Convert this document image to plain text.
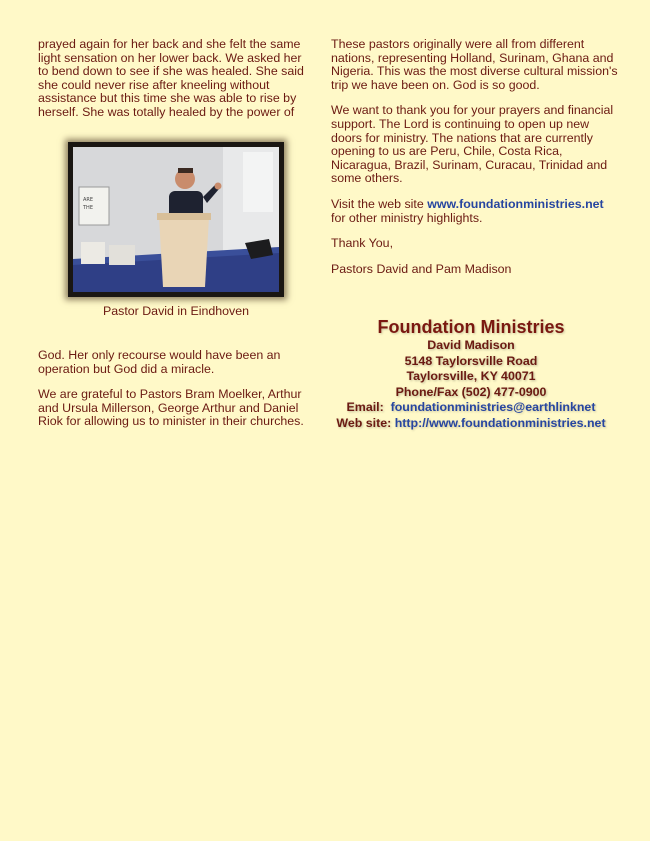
prayed again for her back and she felt the same light sensation on her lower back. We asked her to bend down to see if she was healed. She said she could never rise after kneeling without assistance but this time she was able to rise by herself. She was totally healed by the power of

ARE
THE
Pastor David in Eindhoven

God. Her only recourse would have been an operation but God did a miracle.

We are grateful to Pastors Bram Moelker, Arthur and Ursula Millerson, George Arthur and Daniel Riok for allowing us to minister in their churches.

These pastors originally were all from different nations, representing Holland, Surinam, Ghana and Nigeria. This was the most diverse cultural mission's trip we have been on. God is so good.

We want to thank you for your prayers and financial support. The Lord is continuing to open up new doors for ministry. The nations that are currently opening to us are Peru, Chile, Costa Rica, Nicaragua, Brazil, Surinam, Curacau, Trinidad and some others.

Visit the web site www.foundationministries.net
for other ministry highlights.

Thank You,

Pastors David and Pam Madison

Foundation Ministries
David Madison
5148 Taylorsville Road
Taylorsville, KY 40071
Phone/Fax (502) 477-0900
Email: foundationministries@earthlinknet
Web site: http://www.foundationministries.net
